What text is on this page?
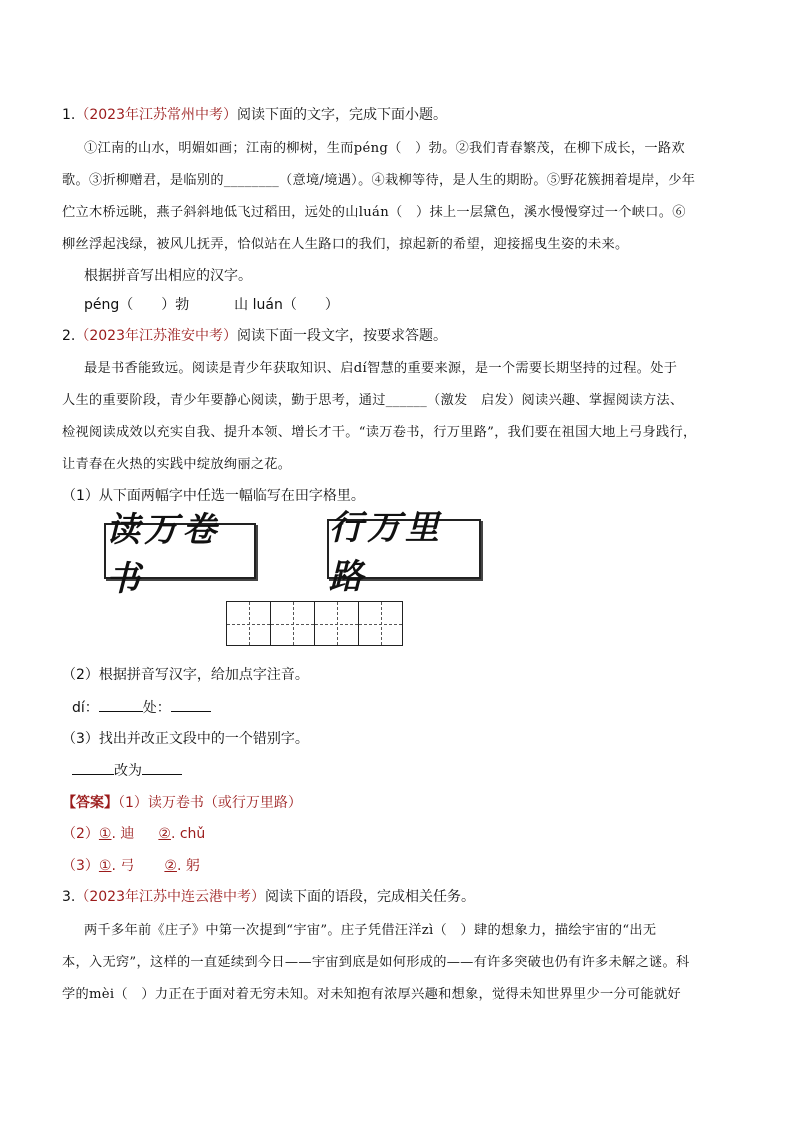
1.（2023年江苏常州中考）阅读下面的文字，完成下面小题。
①江南的山水，明媚如画；江南的柳树，生而péng（　）勃。②我们青春繁茂，在柳下成长，一路欢
歌。③折柳赠君，是临别的________（意境/境遇）。④栽柳等待，是人生的期盼。⑤野花簇拥着堤岸，少年
伫立木桥远眺，燕子斜斜地低飞过稻田，远处的山luán（　）抹上一层黛色，溪水慢慢穿过一个峡口。⑥
柳丝浮起浅绿，被风儿抚弄，恰似站在人生路口的我们，掠起新的希望，迎接摇曳生姿的未来。
根据拼音写出相应的汉字。
péng（　　）勃	山 luán（　　）
2.（2023年江苏淮安中考）阅读下面一段文字，按要求答题。
最是书香能致远。阅读是青少年获取知识、启dí智慧的重要来源，是一个需要长期坚持的过程。处于
人生的重要阶段，青少年要静心阅读，勤于思考，通过______（激发　启发）阅读兴趣、掌握阅读方法、
检视阅读成效以充实自我、提升本领、增长才干。“读万卷书，行万里路”，我们要在祖国大地上弓身践行，
让青春在火热的实践中绽放绚丽之花。
（1）从下面两幅字中任选一幅临写在田字格里。
读万卷书
行万里路
（2）根据拼音写汉字，给加点字注音。
dí：	处：
（3）找出并改正文段中的一个错别字。
改为
【答案】（1）读万卷书（或行万里路）
（2）①. 迪 ②. chǔ
（3）①. 弓 ②. 躬
3.（2023年江苏中连云港中考）阅读下面的语段，完成相关任务。
两千多年前《庄子》中第一次提到“宇宙”。庄子凭借汪洋zì（　）肆的想象力，描绘宇宙的“出无
本，入无窍”，这样的一直延续到今日——宇宙到底是如何形成的——有许多突破也仍有许多未解之谜。科
学的mèi（　）力正在于面对着无穷未知。对未知抱有浓厚兴趣和想象，觉得未知世界里少一分可能就好
